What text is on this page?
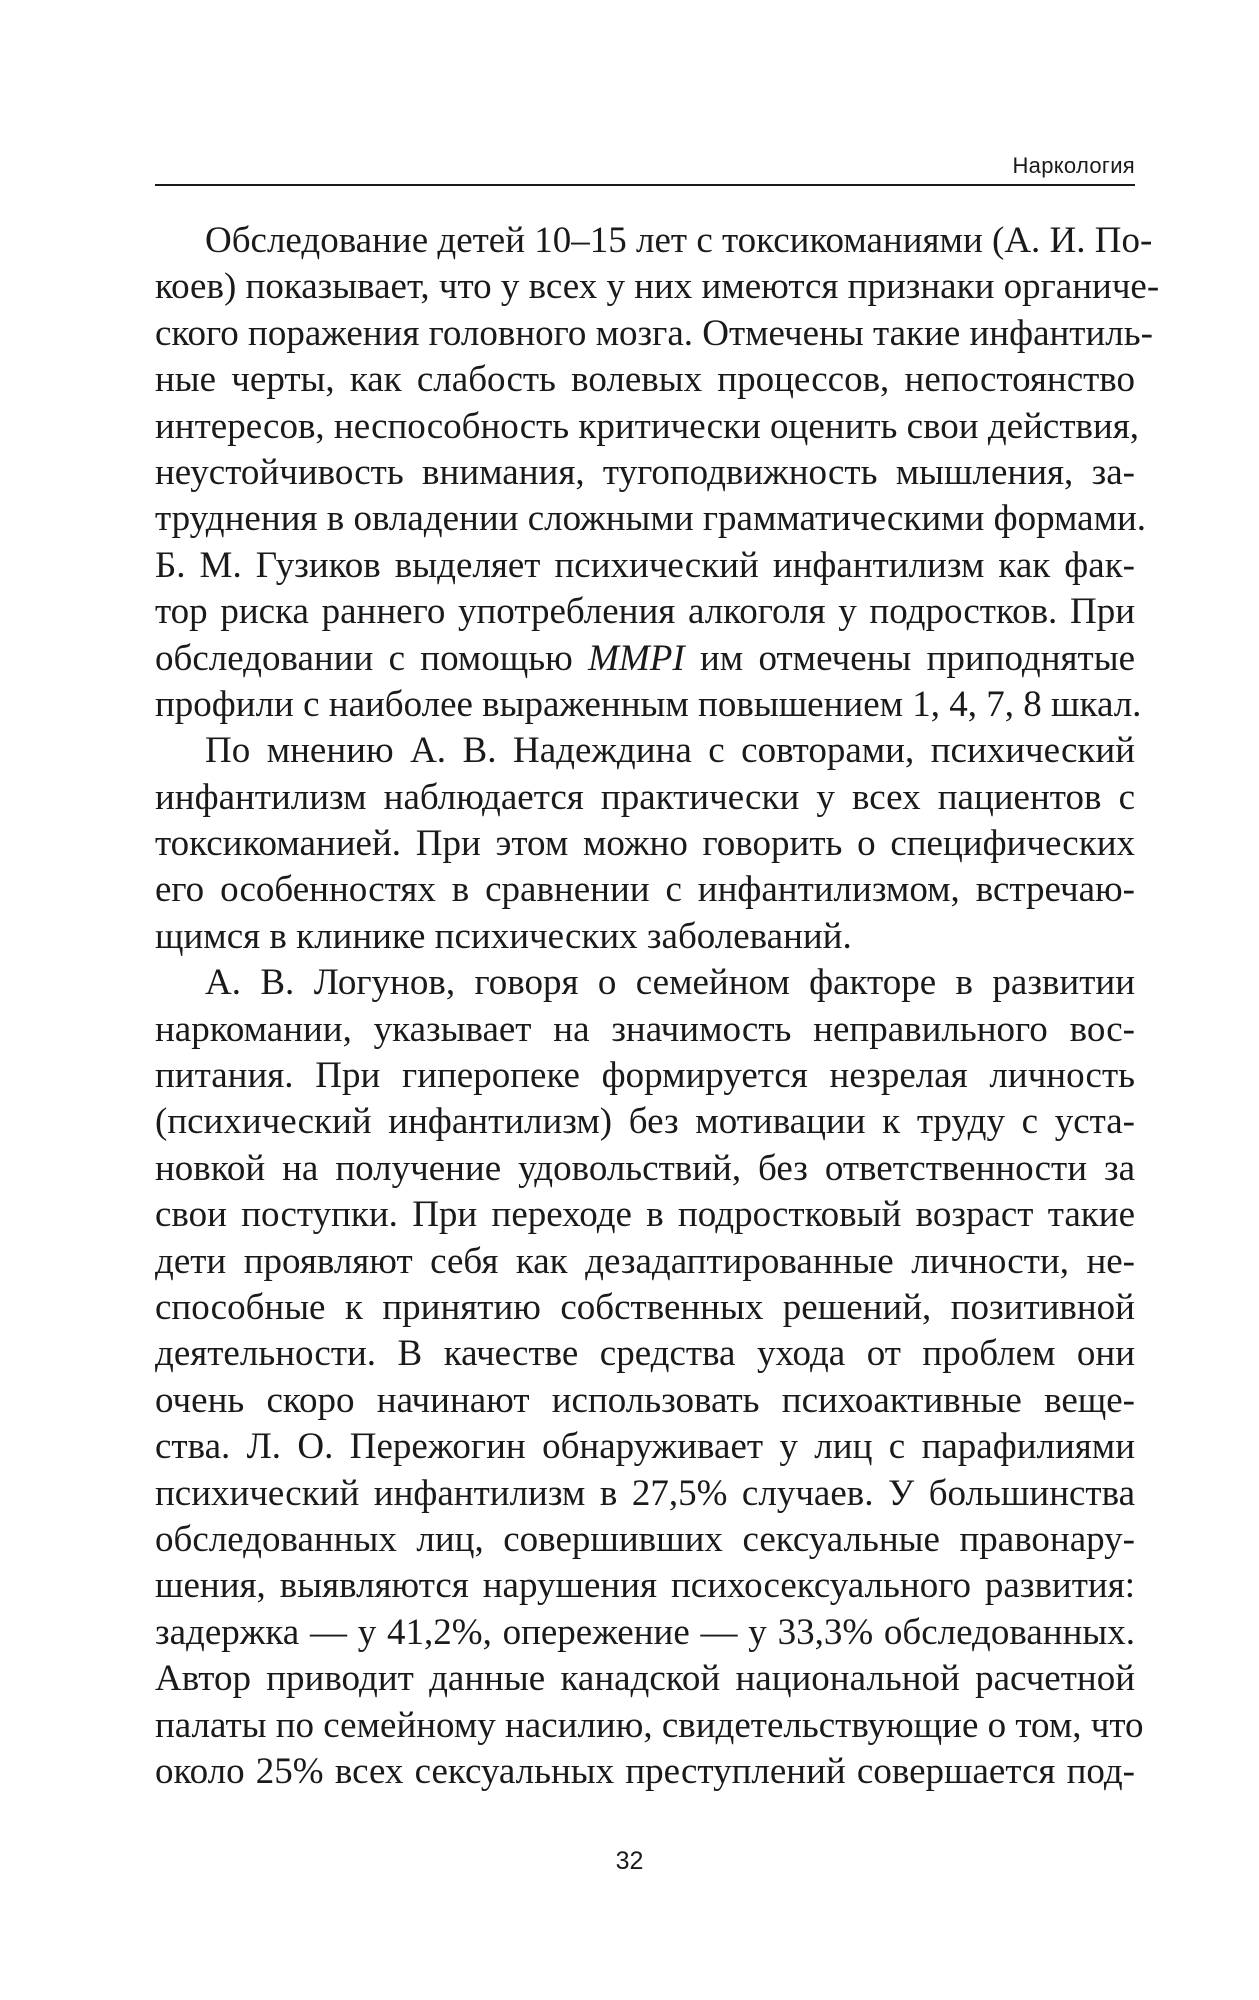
Наркология
Обследование детей 10–15 лет с токсикоманиями (А. И. По-
коев) показывает, что у всех у них имеются признаки органиче-
ского поражения головного мозга. Отмечены такие инфантиль-
ные черты, как слабость волевых процессов, непостоянство
интересов, неспособность критически оценить свои действия,
неустойчивость внимания, тугоподвижность мышления, за-
труднения в овладении сложными грамматическими формами.
Б. М. Гузиков выделяет психический инфантилизм как фак-
тор риска раннего употребления алкоголя у подростков. При
обследовании с помощью MMPI им отмечены приподнятые
профили с наиболее выраженным повышением 1, 4, 7, 8 шкал.
По мнению А. В. Надеждина с совторами, психический
инфантилизм наблюдается практически у всех пациентов с
токсикоманией. При этом можно говорить о специфических
его особенностях в сравнении с инфантилизмом, встречаю-
щимся в клинике психических заболеваний.
А. В. Логунов, говоря о семейном факторе в развитии
наркомании, указывает на значимость неправильного вос-
питания. При гиперопеке формируется незрелая личность
(психический инфантилизм) без мотивации к труду с уста-
новкой на получение удовольствий, без ответственности за
свои поступки. При переходе в подростковый возраст такие
дети проявляют себя как дезадаптированные личности, не-
способные к принятию собственных решений, позитивной
деятельности. В качестве средства ухода от проблем они
очень скоро начинают использовать психоактивные веще-
ства. Л. О. Пережогин обнаруживает у лиц с парафилиями
психический инфантилизм в 27,5% случаев. У большинства
обследованных лиц, совершивших сексуальные правонару-
шения, выявляются нарушения психосексуального развития:
задержка — у 41,2%, опережение — у 33,3% обследованных.
Автор приводит данные канадской национальной расчетной
палаты по семейному насилию, свидетельствующие о том, что
около 25% всех сексуальных преступлений совершается под-
32
